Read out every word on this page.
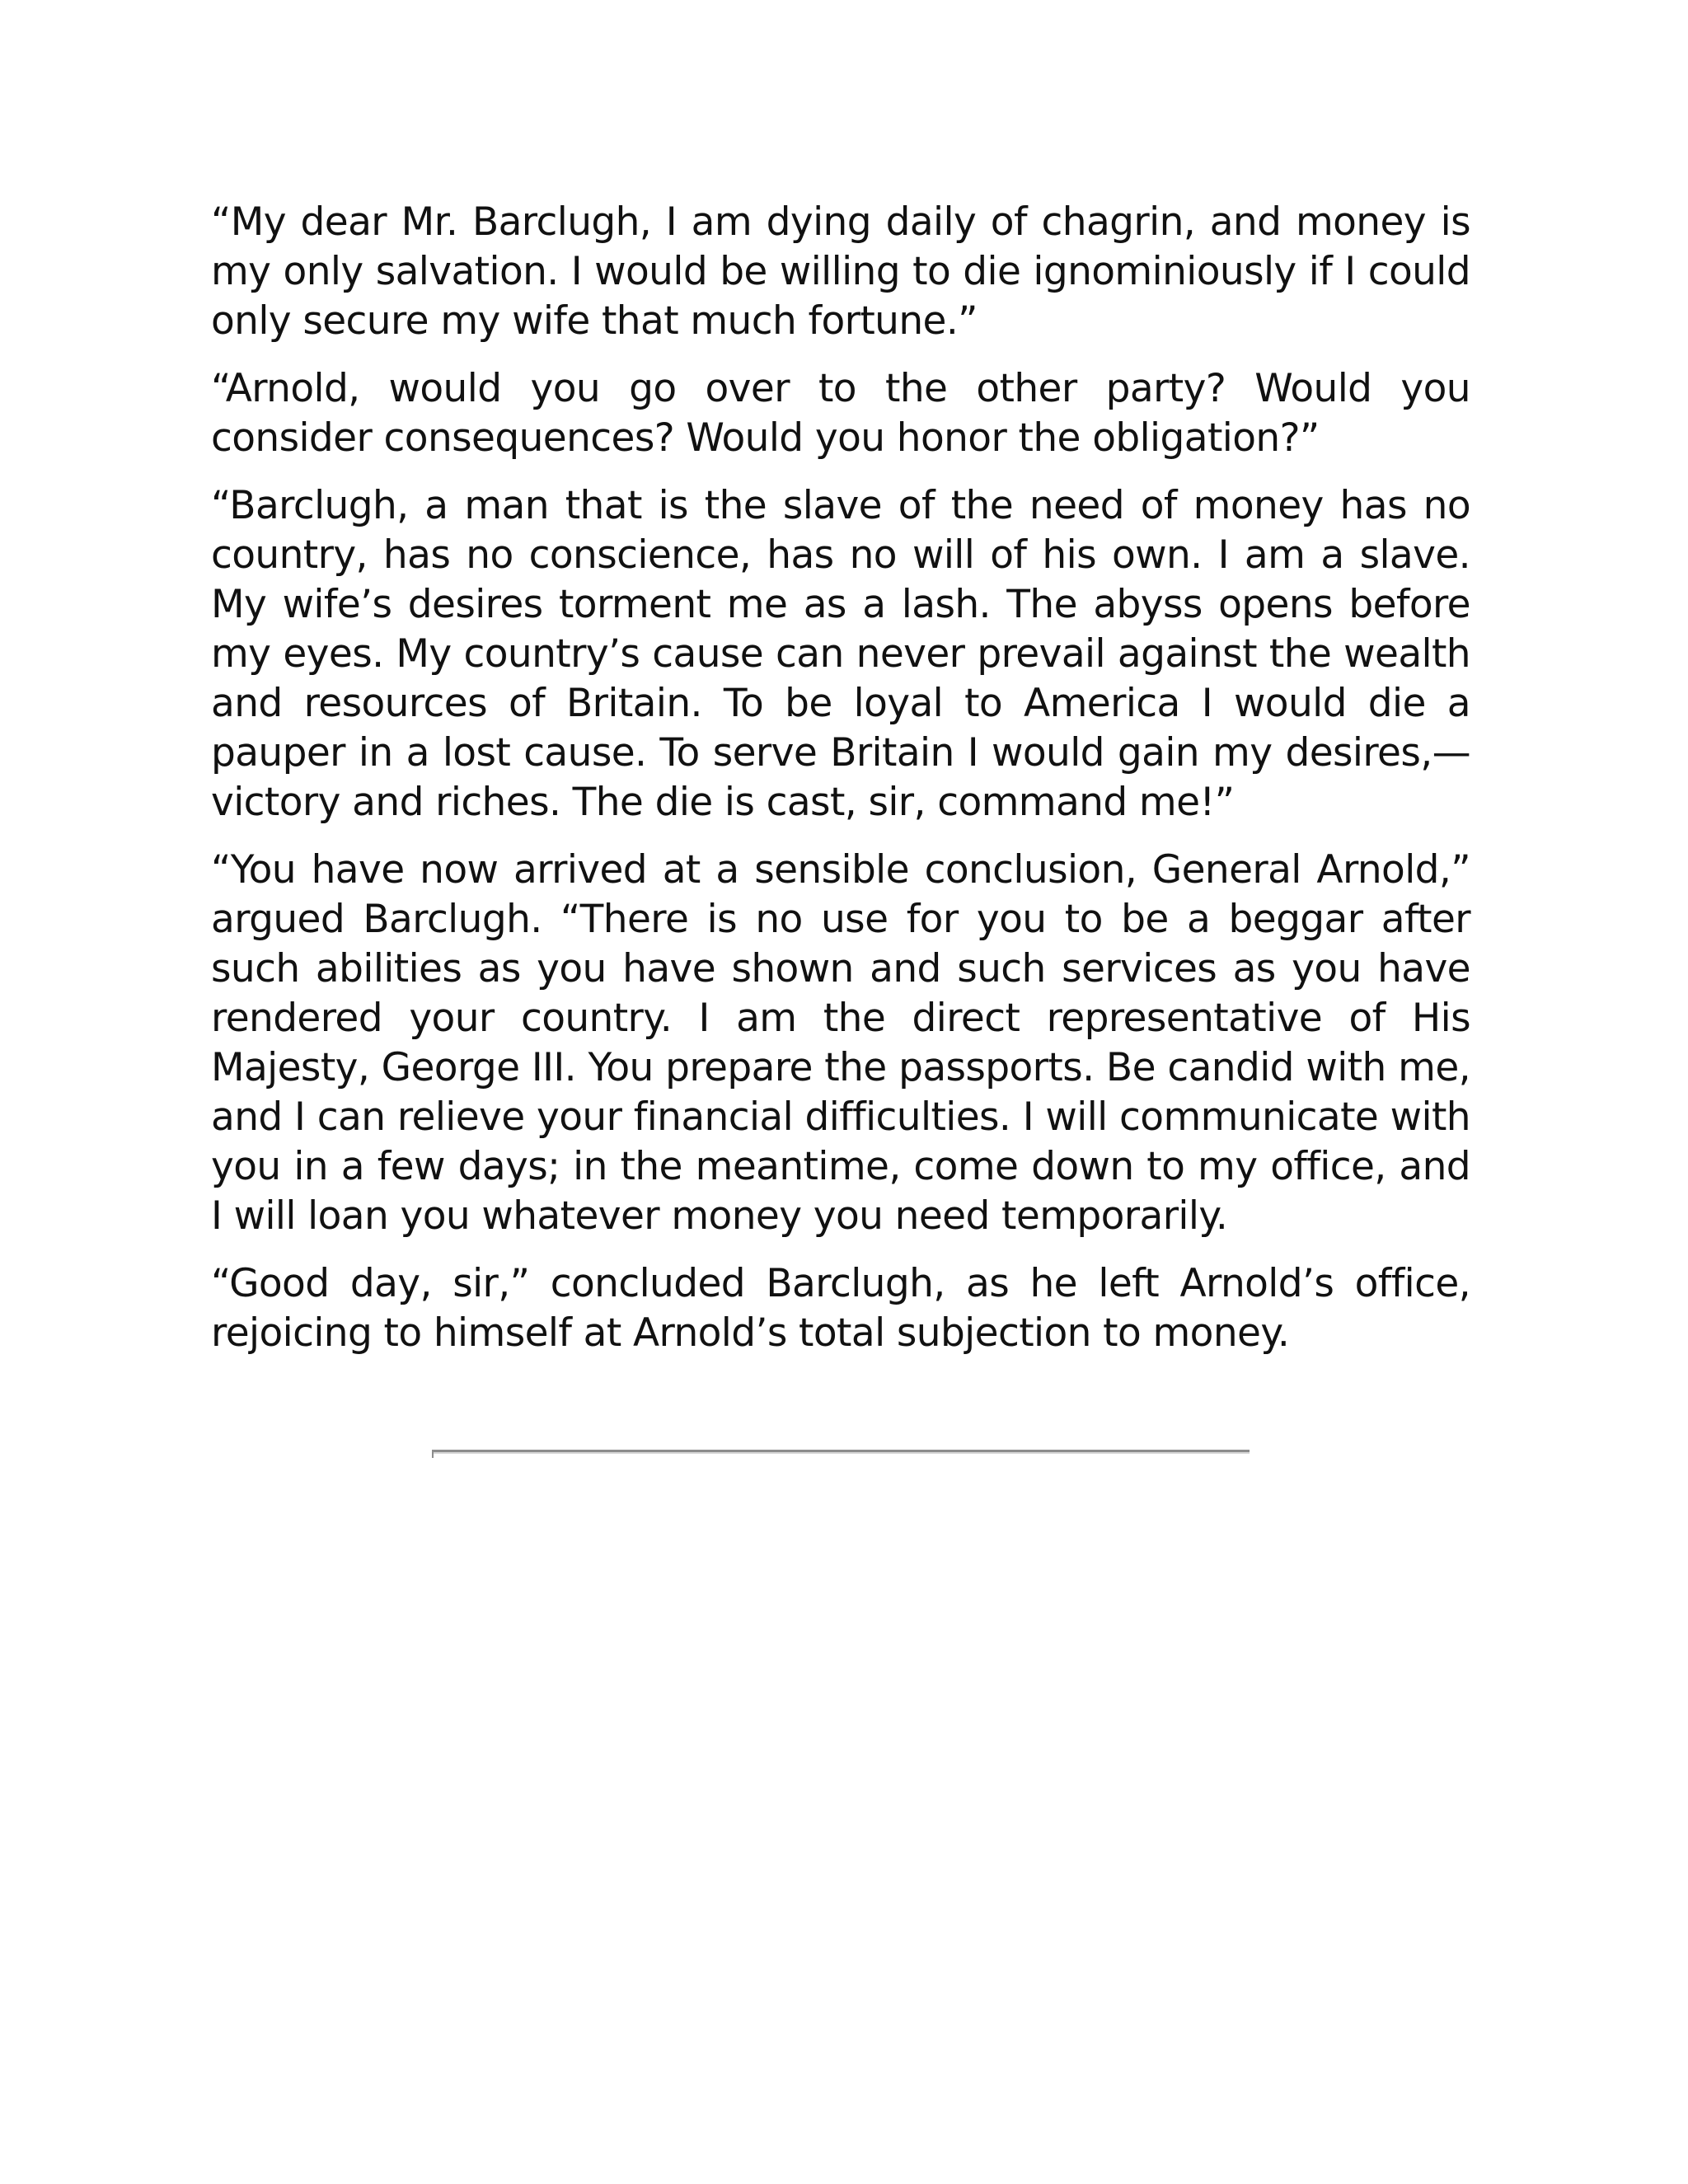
“My dear Mr. Barclugh, I am dying daily of chagrin, and money is my only salvation. I would be willing to die ignominiously if I could only secure my wife that much fortune.”

“Arnold, would you go over to the other party? Would you consider consequences? Would you honor the obligation?”

“Barclugh, a man that is the slave of the need of money has no country, has no conscience, has no will of his own. I am a slave. My wife’s desires torment me as a lash. The abyss opens before my eyes. My country’s cause can never prevail against the wealth and resources of Britain. To be loyal to America I would die a pauper in a lost cause. To serve Britain I would gain my desires,—victory and riches. The die is cast, sir, command me!”

“You have now arrived at a sensible conclusion, General Arnold,” argued Barclugh. “There is no use for you to be a beggar after such abilities as you have shown and such services as you have rendered your country. I am the direct representative of His Majesty, George III. You prepare the passports. Be candid with me, and I can relieve your financial difficulties. I will communicate with you in a few days; in the meantime, come down to my office, and I will loan you whatever money you need temporarily.

“Good day, sir,” concluded Barclugh, as he left Arnold’s office, rejoicing to himself at Arnold’s total subjection to money.
